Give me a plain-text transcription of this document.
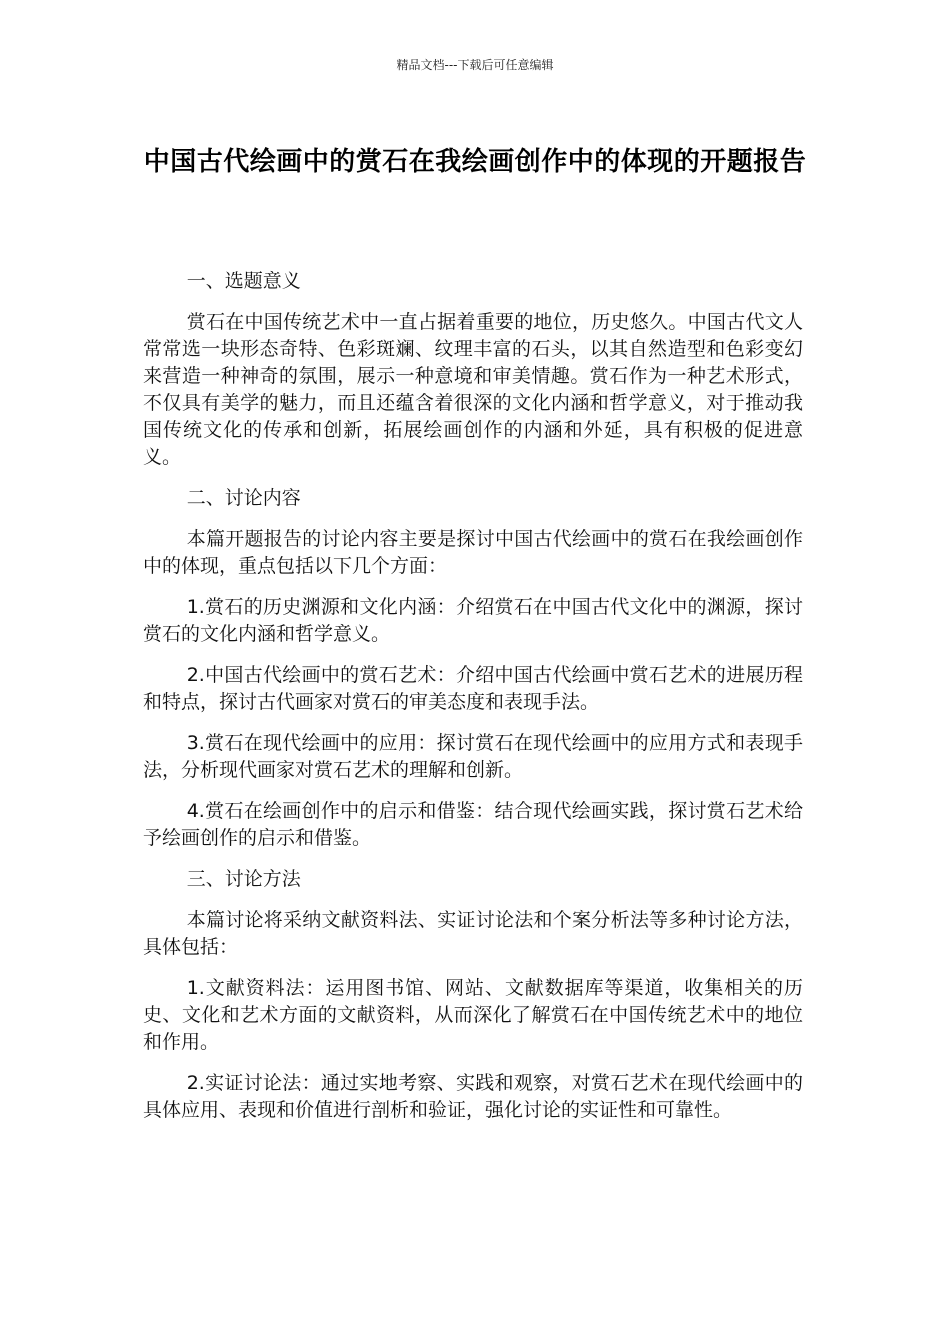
精品文档---下载后可任意编辑
中国古代绘画中的赏石在我绘画创作中的体现的开题报告
一、选题意义
赏石在中国传统艺术中一直占据着重要的地位，历史悠久。中国古代文人常常选一块形态奇特、色彩斑斓、纹理丰富的石头，以其自然造型和色彩变幻来营造一种神奇的氛围，展示一种意境和审美情趣。赏石作为一种艺术形式，不仅具有美学的魅力，而且还蕴含着很深的文化内涵和哲学意义，对于推动我国传统文化的传承和创新，拓展绘画创作的内涵和外延，具有积极的促进意义。
二、讨论内容
本篇开题报告的讨论内容主要是探讨中国古代绘画中的赏石在我绘画创作中的体现，重点包括以下几个方面：
1.赏石的历史渊源和文化内涵：介绍赏石在中国古代文化中的渊源，探讨赏石的文化内涵和哲学意义。
2.中国古代绘画中的赏石艺术：介绍中国古代绘画中赏石艺术的进展历程和特点，探讨古代画家对赏石的审美态度和表现手法。
3.赏石在现代绘画中的应用：探讨赏石在现代绘画中的应用方式和表现手法，分析现代画家对赏石艺术的理解和创新。
4.赏石在绘画创作中的启示和借鉴：结合现代绘画实践，探讨赏石艺术给予绘画创作的启示和借鉴。
三、讨论方法
本篇讨论将采纳文献资料法、实证讨论法和个案分析法等多种讨论方法，具体包括：
1.文献资料法：运用图书馆、网站、文献数据库等渠道，收集相关的历史、文化和艺术方面的文献资料，从而深化了解赏石在中国传统艺术中的地位和作用。
2.实证讨论法：通过实地考察、实践和观察，对赏石艺术在现代绘画中的具体应用、表现和价值进行剖析和验证，强化讨论的实证性和可靠性。
